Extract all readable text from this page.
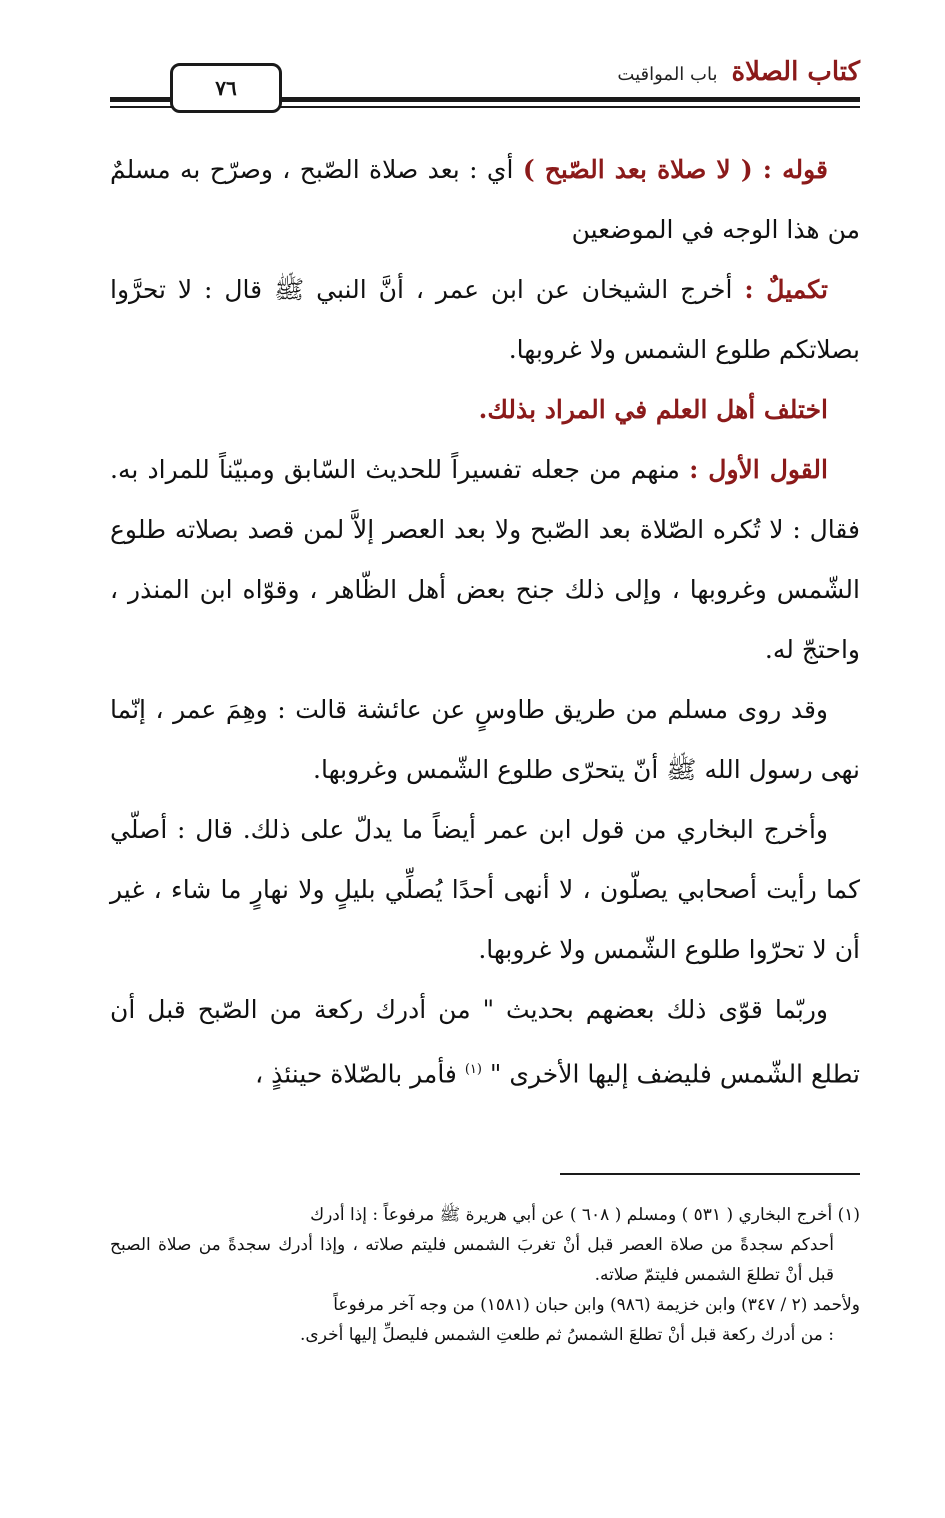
كتاب الصلاةباب المواقيت
٧٦

قوله : ( لا صلاة بعد الصّبح ) أي : بعد صلاة الصّبح ، وصرّح به مسلمٌ من هذا الوجه في الموضعين

تكميلٌ : أخرج الشيخان عن ابن عمر ، أنَّ النبي ﷺ قال : لا تحرَّوا بصلاتكم طلوع الشمس ولا غروبها.

اختلف أهل العلم في المراد بذلك.

القول الأول : منهم من جعله تفسيراً للحديث السّابق ومبيّناً للمراد به. فقال : لا تُكره الصّلاة بعد الصّبح ولا بعد العصر إلاَّ لمن قصد بصلاته طلوع الشّمس وغروبها ، وإلى ذلك جنح بعض أهل الظّاهر ، وقوّاه ابن المنذر ، واحتجّ له.

وقد روى مسلم من طريق طاوسٍ عن عائشة قالت : وهِمَ عمر ، إنّما نهى رسول الله ﷺ أنّ يتحرّى طلوع الشّمس وغروبها.

وأخرج البخاري من قول ابن عمر أيضاً ما يدلّ على ذلك. قال : أصلّي كما رأيت أصحابي يصلّون ، لا أنهى أحدًا يُصلِّي بليلٍ ولا نهارٍ ما شاء ، غير أن لا تحرّوا طلوع الشّمس ولا غروبها.

وربّما قوّى ذلك بعضهم بحديث " من أدرك ركعة من الصّبح قبل أن تطلع الشّمس فليضف إليها الأخرى " $^{(١)}$ فأمر بالصّلاة حينئذٍ ،

(١) أخرج البخاري ( ٥٣١ ) ومسلم ( ٦٠٨ ) عن أبي هريرة ﷺ مرفوعاً : إذا أدرك
أحدكم سجدةً من صلاة العصر قبل أنْ تغربَ الشمس فليتم صلاته ، وإذا أدرك سجدةً من صلاة الصبح قبل أنْ تطلعَ الشمس فليتمّ صلاته.

ولأحمد (٢ / ٣٤٧) وابن خزيمة (٩٨٦) وابن حبان (١٥٨١) من وجه آخر مرفوعاً
: من أدرك ركعة قبل أنْ تطلعَ الشمسُ ثم طلعتِ الشمس فليصلِّ إليها أخرى.
